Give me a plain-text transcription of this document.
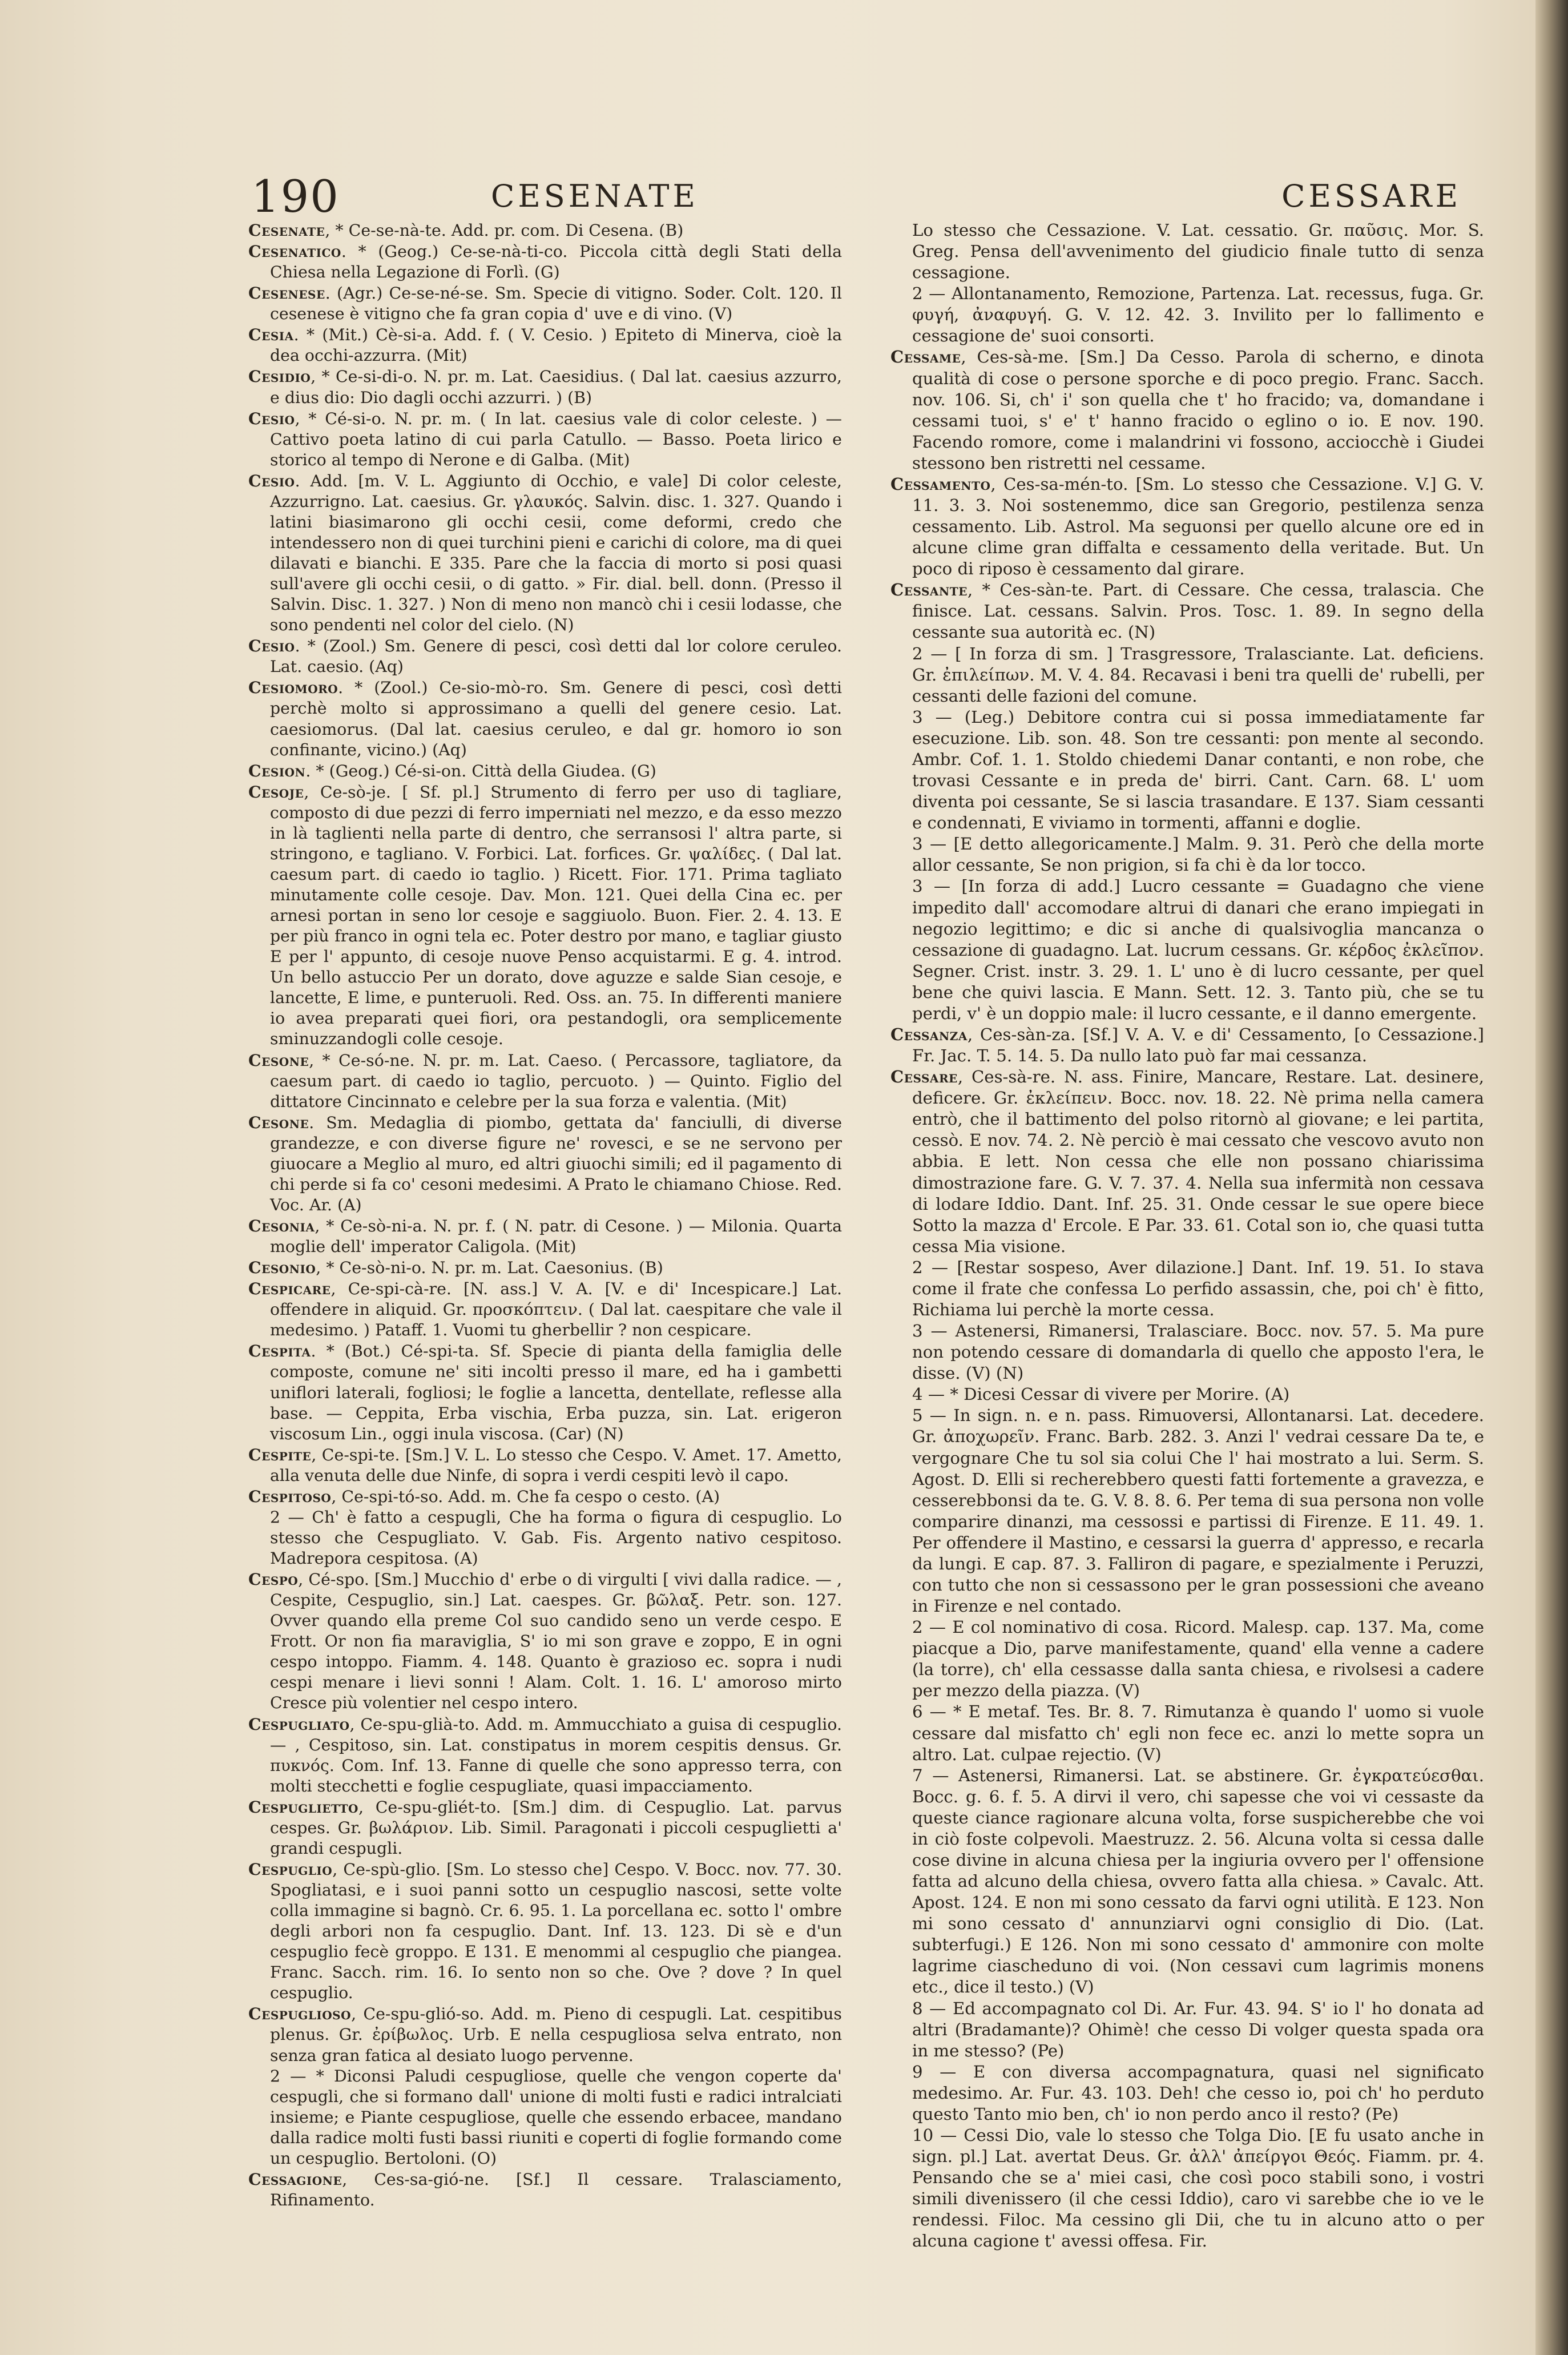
190	CESENATE	CESSARE

Cesenate, * Ce-se-nà-te. Add. pr. com. Di Cesena. (B)

Cesenatico. * (Geog.) Ce-se-nà-ti-co. Piccola città degli Stati della Chiesa nella Legazione di Forlì. (G)

Cesenese. (Agr.) Ce-se-né-se. Sm. Specie di vitigno. Soder. Colt. 120. Il cesenese è vitigno che fa gran copia d' uve e di vino. (V)

Cesia. * (Mit.) Cè-si-a. Add. f. ( V. Cesio. ) Epiteto di Minerva, cioè la dea occhi-azzurra. (Mit)

Cesidio, * Ce-si-di-o. N. pr. m. Lat. Caesidius. ( Dal lat. caesius azzurro, e dius dio: Dio dagli occhi azzurri. ) (B)

Cesio, * Cé-si-o. N. pr. m. ( In lat. caesius vale di color celeste. ) — Cattivo poeta latino di cui parla Catullo. — Basso. Poeta lirico e storico al tempo di Nerone e di Galba. (Mit)

Cesio. Add. [m. V. L. Aggiunto di Occhio, e vale] Di color celeste, Azzurrigno. Lat. caesius. Gr. γλαυκός. Salvin. disc. 1. 327. Quando i latini biasimarono gli occhi cesii, come deformi, credo che intendessero non di quei turchini pieni e carichi di colore, ma di quei dilavati e bianchi. E 335. Pare che la faccia di morto si posi quasi sull'avere gli occhi cesii, o di gatto. » Fir. dial. bell. donn. (Presso il Salvin. Disc. 1. 327. ) Non di meno non mancò chi i cesii lodasse, che sono pendenti nel color del cielo. (N)

Cesio. * (Zool.) Sm. Genere di pesci, così detti dal lor colore ceruleo. Lat. caesio. (Aq)

Cesiomoro. * (Zool.) Ce-sio-mò-ro. Sm. Genere di pesci, così detti perchè molto si approssimano a quelli del genere cesio. Lat. caesiomorus. (Dal lat. caesius ceruleo, e dal gr. homoro io son confinante, vicino.) (Aq)

Cesion. * (Geog.) Cé-si-on. Città della Giudea. (G)

Cesoje, Ce-sò-je. [ Sf. pl.] Strumento di ferro per uso di tagliare, composto di due pezzi di ferro imperniati nel mezzo, e da esso mezzo in là taglienti nella parte di dentro, che serransosi l' altra parte, si stringono, e tagliano. V. Forbici. Lat. forfices. Gr. ψαλίδες. ( Dal lat. caesum part. di caedo io taglio. ) Ricett. Fior. 171. Prima tagliato minutamente colle cesoje. Dav. Mon. 121. Quei della Cina ec. per arnesi portan in seno lor cesoje e saggiuolo. Buon. Fier. 2. 4. 13. E per più franco in ogni tela ec. Poter destro por mano, e tagliar giusto E per l' appunto, di cesoje nuove Penso acquistarmi. E g. 4. introd. Un bello astuccio Per un dorato, dove aguzze e salde Sian cesoje, e lancette, E lime, e punteruoli. Red. Oss. an. 75. In differenti maniere io avea preparati quei fiori, ora pestandogli, ora semplicemente sminuzzandogli colle cesoje.

Cesone, * Ce-só-ne. N. pr. m. Lat. Caeso. ( Percassore, tagliatore, da caesum part. di caedo io taglio, percuoto. ) — Quinto. Figlio del dittatore Cincinnato e celebre per la sua forza e valentia. (Mit)

Cesone. Sm. Medaglia di piombo, gettata da' fanciulli, di diverse grandezze, e con diverse figure ne' rovesci, e se ne servono per giuocare a Meglio al muro, ed altri giuochi simili; ed il pagamento di chi perde si fa co' cesoni medesimi. A Prato le chiamano Chiose. Red. Voc. Ar. (A)

Cesonia, * Ce-sò-ni-a. N. pr. f. ( N. patr. di Cesone. ) — Milonia. Quarta moglie dell' imperator Caligola. (Mit)

Cesonio, * Ce-sò-ni-o. N. pr. m. Lat. Caesonius. (B)

Cespicare, Ce-spi-cà-re. [N. ass.] V. A. [V. e di' Incespicare.] Lat. offendere in aliquid. Gr. προσκόπτειν. ( Dal lat. caespitare che vale il medesimo. ) Pataff. 1. Vuomi tu gherbellir ? non cespicare.

Cespita. * (Bot.) Cé-spi-ta. Sf. Specie di pianta della famiglia delle composte, comune ne' siti incolti presso il mare, ed ha i gambetti uniflori laterali, fogliosi; le foglie a lancetta, dentellate, reflesse alla base. — Ceppita, Erba vischia, Erba puzza, sin. Lat. erigeron viscosum Lin., oggi inula viscosa. (Car) (N)

Cespite, Ce-spi-te. [Sm.] V. L. Lo stesso che Cespo. V. Amet. 17. Ametto, alla venuta delle due Ninfe, di sopra i verdi cespiti levò il capo.

Cespitoso, Ce-spi-tó-so. Add. m. Che fa cespo o cesto. (A)

2 — Ch' è fatto a cespugli, Che ha forma o figura di cespuglio. Lo stesso che Cespugliato. V. Gab. Fis. Argento nativo cespitoso. Madrepora cespitosa. (A)

Cespo, Cé-spo. [Sm.] Mucchio d' erbe o di virgulti [ vivi dalla radice. — , Cespite, Cespuglio, sin.] Lat. caespes. Gr. βῶλαξ. Petr. son. 127. Ovver quando ella preme Col suo candido seno un verde cespo. E Frott. Or non fia maraviglia, S' io mi son grave e zoppo, E in ogni cespo intoppo. Fiamm. 4. 148. Quanto è grazioso ec. sopra i nudi cespi menare i lievi sonni ! Alam. Colt. 1. 16. L' amoroso mirto Cresce più volentier nel cespo intero.

Cespugliato, Ce-spu-glià-to. Add. m. Ammucchiato a guisa di cespuglio. — , Cespitoso, sin. Lat. constipatus in morem cespitis densus. Gr. πυκνός. Com. Inf. 13. Fanne di quelle che sono appresso terra, con molti stecchetti e foglie cespugliate, quasi impacciamento.

Cespuglietto, Ce-spu-gliét-to. [Sm.] dim. di Cespuglio. Lat. parvus cespes. Gr. βωλάριον. Lib. Simil. Paragonati i piccoli cespuglietti a' grandi cespugli.

Cespuglio, Ce-spù-glio. [Sm. Lo stesso che] Cespo. V. Bocc. nov. 77. 30. Spogliatasi, e i suoi panni sotto un cespuglio nascosi, sette volte colla immagine si bagnò. Cr. 6. 95. 1. La porcellana ec. sotto l' ombre degli arbori non fa cespuglio. Dant. Inf. 13. 123. Di sè e d'un cespuglio fecè groppo. E 131. E menommi al cespuglio che piangea. Franc. Sacch. rim. 16. Io sento non so che. Ove ? dove ? In quel cespuglio.

Cespuglioso, Ce-spu-glió-so. Add. m. Pieno di cespugli. Lat. cespitibus plenus. Gr. ἐρίβωλος. Urb. E nella cespugliosa selva entrato, non senza gran fatica al desiato luogo pervenne.

2 — * Diconsi Paludi cespugliose, quelle che vengon coperte da' cespugli, che si formano dall' unione di molti fusti e radici intralciati insieme; e Piante cespugliose, quelle che essendo erbacee, mandano dalla radice molti fusti bassi riuniti e coperti di foglie formando come un cespuglio. Bertoloni. (O)

Cessagione, Ces-sa-gió-ne. [Sf.] Il cessare. Tralasciamento, Rifinamento.

Lo stesso che Cessazione. V. Lat. cessatio. Gr. παῦσις. Mor. S. Greg. Pensa dell'avvenimento del giudicio finale tutto di senza cessagione.

2 — Allontanamento, Remozione, Partenza. Lat. recessus, fuga. Gr. φυγή, ἀναφυγή. G. V. 12. 42. 3. Invilito per lo fallimento e cessagione de' suoi consorti.

Cessame, Ces-sà-me. [Sm.] Da Cesso. Parola di scherno, e dinota qualità di cose o persone sporche e di poco pregio. Franc. Sacch. nov. 106. Si, ch' i' son quella che t' ho fracido; va, domandane i cessami tuoi, s' e' t' hanno fracido o eglino o io. E nov. 190. Facendo romore, come i malandrini vi fossono, acciocchè i Giudei stessono ben ristretti nel cessame.

Cessamento, Ces-sa-mén-to. [Sm. Lo stesso che Cessazione. V.] G. V. 11. 3. 3. Noi sostenemmo, dice san Gregorio, pestilenza senza cessamento. Lib. Astrol. Ma seguonsi per quello alcune ore ed in alcune clime gran diffalta e cessamento della veritade. But. Un poco di riposo è cessamento dal girare.

Cessante, * Ces-sàn-te. Part. di Cessare. Che cessa, tralascia. Che finisce. Lat. cessans. Salvin. Pros. Tosc. 1. 89. In segno della cessante sua autorità ec. (N)

2 — [ In forza di sm. ] Trasgressore, Tralasciante. Lat. deficiens. Gr. ἐπιλείπων. M. V. 4. 84. Recavasi i beni tra quelli de' rubelli, per cessanti delle fazioni del comune.

3 — (Leg.) Debitore contra cui si possa immediatamente far esecuzione. Lib. son. 48. Son tre cessanti: pon mente al secondo. Ambr. Cof. 1. 1. Stoldo chiedemi Danar contanti, e non robe, che trovasi Cessante e in preda de' birri. Cant. Carn. 68. L' uom diventa poi cessante, Se si lascia trasandare. E 137. Siam cessanti e condennati, E viviamo in tormenti, affanni e doglie.

3 — [E detto allegoricamente.] Malm. 9. 31. Però che della morte allor cessante, Se non prigion, si fa chi è da lor tocco.

3 — [In forza di add.] Lucro cessante = Guadagno che viene impedito dall' accomodare altrui di danari che erano impiegati in negozio legittimo; e dic si anche di qualsivoglia mancanza o cessazione di guadagno. Lat. lucrum cessans. Gr. κέρδος ἐκλεῖπον. Segner. Crist. instr. 3. 29. 1. L' uno è di lucro cessante, per quel bene che quivi lascia. E Mann. Sett. 12. 3. Tanto più, che se tu perdi, v' è un doppio male: il lucro cessante, e il danno emergente.

Cessanza, Ces-sàn-za. [Sf.] V. A. V. e di' Cessamento, [o Cessazione.] Fr. Jac. T. 5. 14. 5. Da nullo lato può far mai cessanza.

Cessare, Ces-sà-re. N. ass. Finire, Mancare, Restare. Lat. desinere, deficere. Gr. ἐκλείπειν. Bocc. nov. 18. 22. Nè prima nella camera entrò, che il battimento del polso ritornò al giovane; e lei partita, cessò. E nov. 74. 2. Nè perciò è mai cessato che vescovo avuto non abbia. E lett. Non cessa che elle non possano chiarissima dimostrazione fare. G. V. 7. 37. 4. Nella sua infermità non cessava di lodare Iddio. Dant. Inf. 25. 31. Onde cessar le sue opere biece Sotto la mazza d' Ercole. E Par. 33. 61. Cotal son io, che quasi tutta cessa Mia visione.

2 — [Restar sospeso, Aver dilazione.] Dant. Inf. 19. 51. Io stava come il frate che confessa Lo perfido assassin, che, poi ch' è fitto, Richiama lui perchè la morte cessa.

3 — Astenersi, Rimanersi, Tralasciare. Bocc. nov. 57. 5. Ma pure non potendo cessare di domandarla di quello che apposto l'era, le disse. (V) (N)

4 — * Dicesi Cessar di vivere per Morire. (A)

5 — In sign. n. e n. pass. Rimuoversi, Allontanarsi. Lat. decedere. Gr. ἀποχωρεῖν. Franc. Barb. 282. 3. Anzi l' vedrai cessare Da te, e vergognare Che tu sol sia colui Che l' hai mostrato a lui. Serm. S. Agost. D. Elli si recherebbero questi fatti fortemente a gravezza, e cesserebbonsi da te. G. V. 8. 8. 6. Per tema di sua persona non volle comparire dinanzi, ma cessossi e partissi di Firenze. E 11. 49. 1. Per offendere il Mastino, e cessarsi la guerra d' appresso, e recarla da lungi. E cap. 87. 3. Falliron di pagare, e spezialmente i Peruzzi, con tutto che non si cessassono per le gran possessioni che aveano in Firenze e nel contado.

2 — E col nominativo di cosa. Ricord. Malesp. cap. 137. Ma, come piacque a Dio, parve manifestamente, quand' ella venne a cadere (la torre), ch' ella cessasse dalla santa chiesa, e rivolsesi a cadere per mezzo della piazza. (V)

6 — * E metaf. Tes. Br. 8. 7. Rimutanza è quando l' uomo si vuole cessare dal misfatto ch' egli non fece ec. anzi lo mette sopra un altro. Lat. culpae rejectio. (V)

7 — Astenersi, Rimanersi. Lat. se abstinere. Gr. ἐγκρατεύεσθαι. Bocc. g. 6. f. 5. A dirvi il vero, chi sapesse che voi vi cessaste da queste ciance ragionare alcuna volta, forse suspicherebbe che voi in ciò foste colpevoli. Maestruzz. 2. 56. Alcuna volta si cessa dalle cose divine in alcuna chiesa per la ingiuria ovvero per l' offensione fatta ad alcuno della chiesa, ovvero fatta alla chiesa. » Cavalc. Att. Apost. 124. E non mi sono cessato da farvi ogni utilità. E 123. Non mi sono cessato d' annunziarvi ogni consiglio di Dio. (Lat. subterfugi.) E 126. Non mi sono cessato d' ammonire con molte lagrime ciascheduno di voi. (Non cessavi cum lagrimis monens etc., dice il testo.) (V)

8 — Ed accompagnato col Di. Ar. Fur. 43. 94. S' io l' ho donata ad altri (Bradamante)? Ohimè! che cesso Di volger questa spada ora in me stesso? (Pe)

9 — E con diversa accompagnatura, quasi nel significato medesimo. Ar. Fur. 43. 103. Deh! che cesso io, poi ch' ho perduto questo Tanto mio ben, ch' io non perdo anco il resto? (Pe)

10 — Cessi Dio, vale lo stesso che Tolga Dio. [E fu usato anche in sign. pl.] Lat. avertat Deus. Gr. ἀλλ' ἀπείργοι Θεός. Fiamm. pr. 4. Pensando che se a' miei casi, che così poco stabili sono, i vostri simili divenissero (il che cessi Iddio), caro vi sarebbe che io ve le rendessi. Filoc. Ma cessino gli Dii, che tu in alcuno atto o per alcuna cagione t' avessi offesa. Fir.
